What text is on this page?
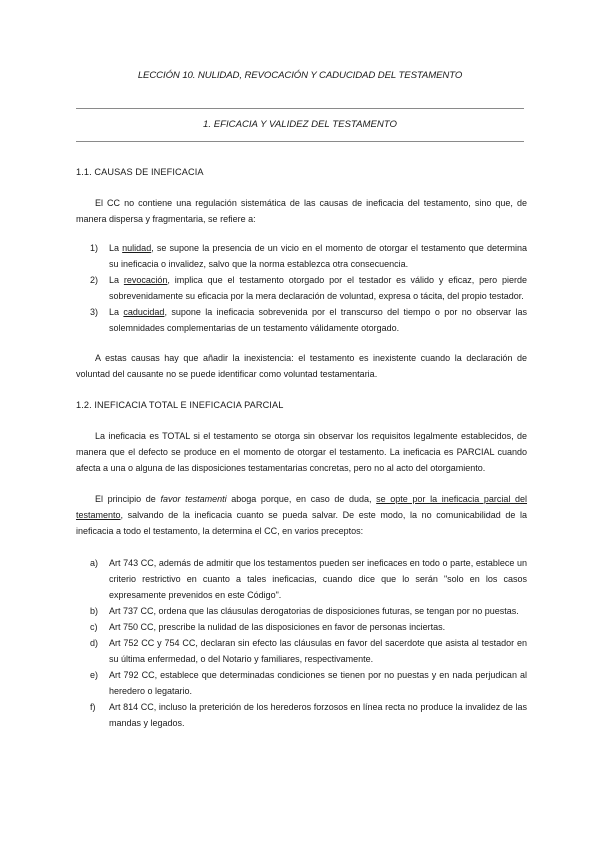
LECCIÓN 10. NULIDAD, REVOCACIÓN Y CADUCIDAD DEL TESTAMENTO
1. EFICACIA Y VALIDEZ DEL TESTAMENTO
1.1. CAUSAS DE INEFICACIA
El CC no contiene una regulación sistemática de las causas de ineficacia del testamento, sino que, de manera dispersa y fragmentaria, se refiere a:
1) La nulidad, se supone la presencia de un vicio en el momento de otorgar el testamento que determina su ineficacia o invalidez, salvo que la norma establezca otra consecuencia.
2) La revocación, implica que el testamento otorgado por el testador es válido y eficaz, pero pierde sobrevenidamente su eficacia por la mera declaración de voluntad, expresa o tácita, del propio testador.
3) La caducidad, supone la ineficacia sobrevenida por el transcurso del tiempo o por no observar las solemnidades complementarias de un testamento válidamente otorgado.
A estas causas hay que añadir la inexistencia: el testamento es inexistente cuando la declaración de voluntad del causante no se puede identificar como voluntad testamentaria.
1.2. INEFICACIA TOTAL E INEFICACIA PARCIAL
La ineficacia es TOTAL si el testamento se otorga sin observar los requisitos legalmente establecidos, de manera que el defecto se produce en el momento de otorgar el testamento. La ineficacia es PARCIAL cuando afecta a una o alguna de las disposiciones testamentarias concretas, pero no al acto del otorgamiento.
El principio de favor testamenti aboga porque, en caso de duda, se opte por la ineficacia parcial del testamento, salvando de la ineficacia cuanto se pueda salvar. De este modo, la no comunicabilidad de la ineficacia a todo el testamento, la determina el CC, en varios preceptos:
a) Art 743 CC, además de admitir que los testamentos pueden ser ineficaces en todo o parte, establece un criterio restrictivo en cuanto a tales ineficacias, cuando dice que lo serán "solo en los casos expresamente prevenidos en este Código".
b) Art 737 CC, ordena que las cláusulas derogatorias de disposiciones futuras, se tengan por no puestas.
c) Art 750 CC, prescribe la nulidad de las disposiciones en favor de personas inciertas.
d) Art 752 CC y 754 CC, declaran sin efecto las cláusulas en favor del sacerdote que asista al testador en su última enfermedad, o del Notario y familiares, respectivamente.
e) Art 792 CC, establece que determinadas condiciones se tienen por no puestas y en nada perjudican al heredero o legatario.
f) Art 814 CC, incluso la preterición de los herederos forzosos en línea recta no produce la invalidez de las mandas y legados.
